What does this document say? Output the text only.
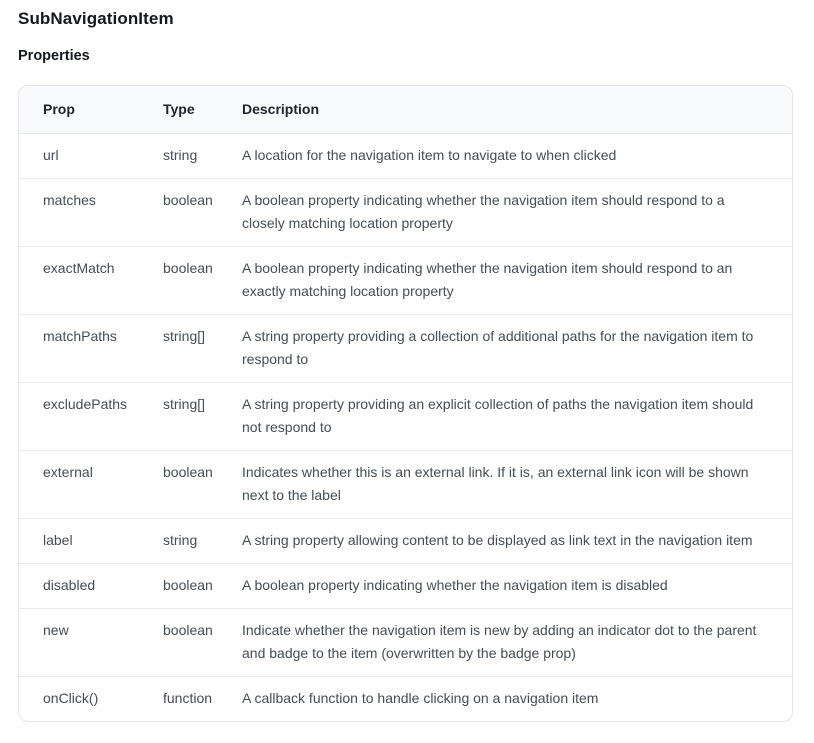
SubNavigationItem
Properties
Prop	Type	Description
url	string	A location for the navigation item to navigate to when clicked
matches	boolean	A boolean property indicating whether the navigation item should respond to a closely matching location property
exactMatch	boolean	A boolean property indicating whether the navigation item should respond to an exactly matching location property
matchPaths	string[]	A string property providing a collection of additional paths for the navigation item to respond to
excludePaths	string[]	A string property providing an explicit collection of paths the navigation item should not respond to
external	boolean	Indicates whether this is an external link. If it is, an external link icon will be shown next to the label
label	string	A string property allowing content to be displayed as link text in the navigation item
disabled	boolean	A boolean property indicating whether the navigation item is disabled
new	boolean	Indicate whether the navigation item is new by adding an indicator dot to the parent and badge to the item (overwritten by the badge prop)
onClick()	function	A callback function to handle clicking on a navigation item
